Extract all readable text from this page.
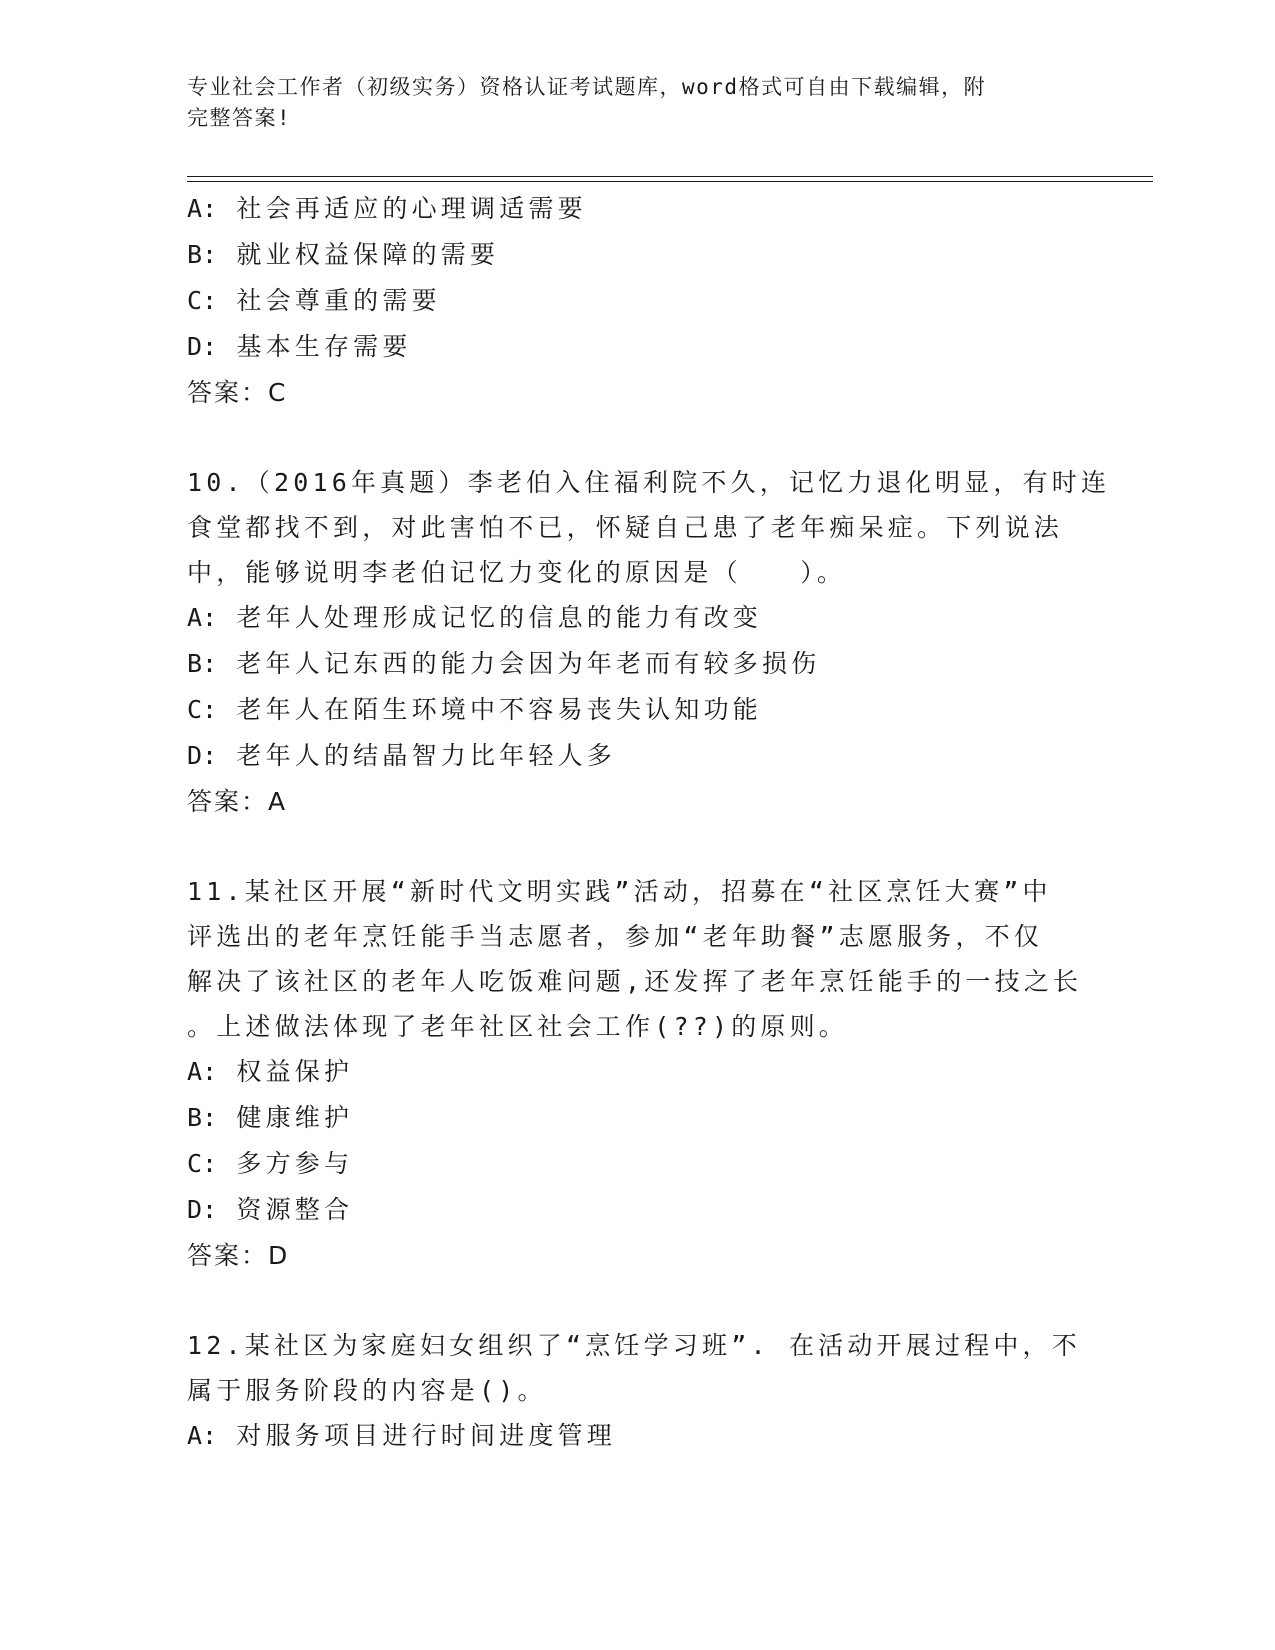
专业社会工作者（初级实务）资格认证考试题库，word格式可自由下载编辑，附
完整答案!
A: 社会再适应的心理调适需要
B: 就业权益保障的需要
C: 社会尊重的需要
D: 基本生存需要
答案：C
10.（2016年真题）李老伯入住福利院不久，记忆力退化明显，有时连
食堂都找不到，对此害怕不已，怀疑自己患了老年痴呆症。下列说法
中，能够说明李老伯记忆力变化的原因是（　　）。
A: 老年人处理形成记忆的信息的能力有改变
B: 老年人记东西的能力会因为年老而有较多损伤
C: 老年人在陌生环境中不容易丧失认知功能
D: 老年人的结晶智力比年轻人多
答案：A
11.某社区开展“新时代文明实践”活动，招募在“社区烹饪大赛”中
评选出的老年烹饪能手当志愿者，参加“老年助餐”志愿服务，不仅
解决了该社区的老年人吃饭难问题,还发挥了老年烹饪能手的一技之长
。上述做法体现了老年社区社会工作(??)的原则。
A: 权益保护
B: 健康维护
C: 多方参与
D: 资源整合
答案：D
12.某社区为家庭妇女组织了“烹饪学习班”. 在活动开展过程中，不
属于服务阶段的内容是()。
A: 对服务项目进行时间进度管理
